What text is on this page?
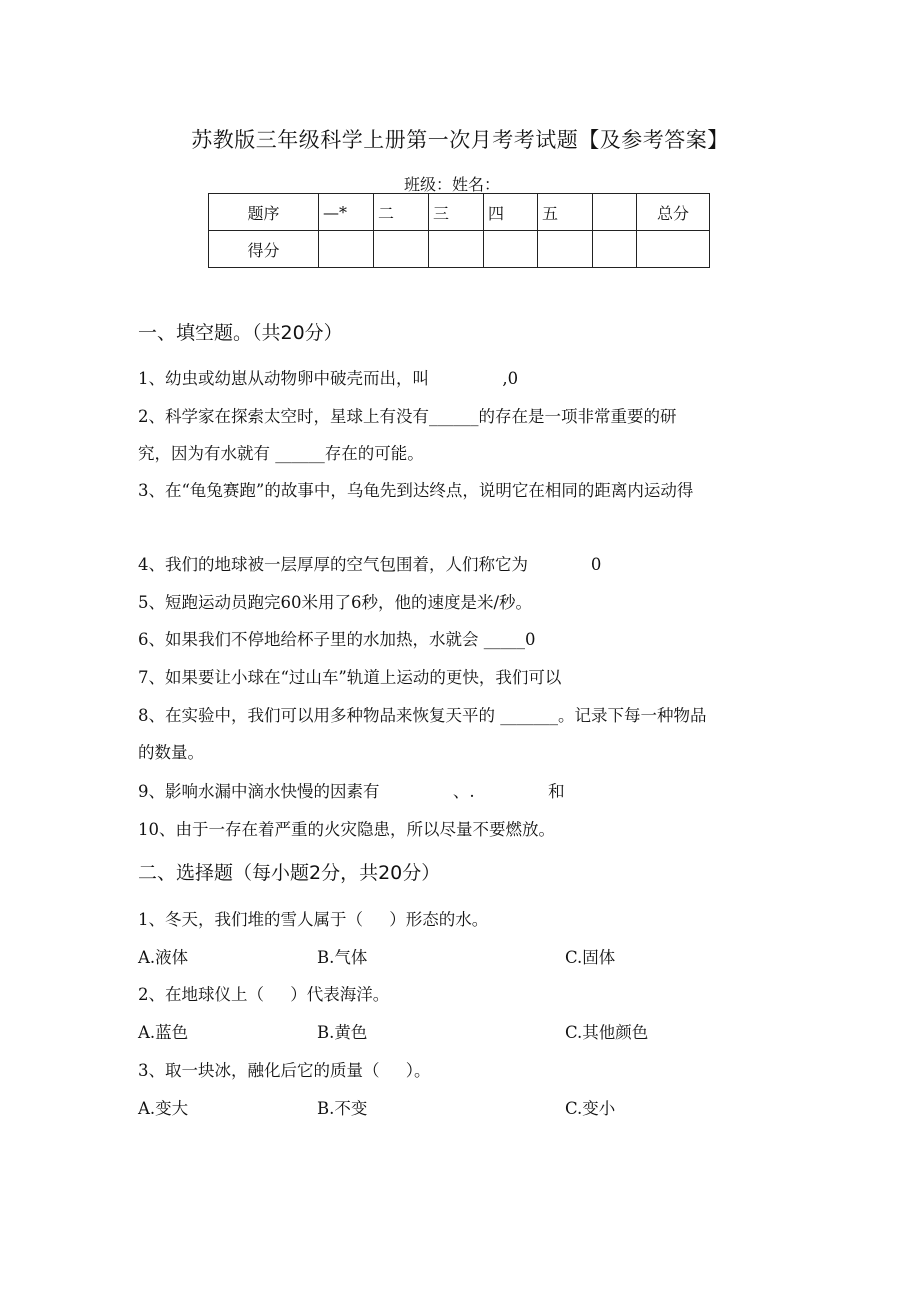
苏教版三年级科学上册第一次月考考试题【及参考答案】
班级：姓名：
题序	—*	二	三	四	五		总分
得分							
一、填空题。（共20分）
1、幼虫或幼崽从动物卵中破壳而出，叫              ,0
2、科学家在探索太空时，星球上有没有______的存在是一项非常重要的研
究，因为有水就有 ______存在的可能。
3、在“龟兔赛跑”的故事中，乌龟先到达终点，说明它在相同的距离内运动得
4、我们的地球被一层厚厚的空气包围着，人们称它为            0
5、短跑运动员跑完60米用了6秒，他的速度是米/秒。
6、如果我们不停地给杯子里的水加热，水就会 _____0
7、如果要让小球在“过山车”轨道上运动的更快，我们可以
8、在实验中，我们可以用多种物品来恢复天平的 _______。记录下每一种物品
的数量。
9、影响水漏中滴水快慢的因素有              、.              和
10、由于一存在着严重的火灾隐患，所以尽量不要燃放。
二、选择题（每小题2分，共20分）
1、冬天，我们堆的雪人属于（     ）形态的水。
A.液体	B.气体	C.固体
2、在地球仪上（     ）代表海洋。
A.蓝色	B.黄色	C.其他颜色
3、取一块冰，融化后它的质量（     ）。
A.变大	B.不变	C.变小
